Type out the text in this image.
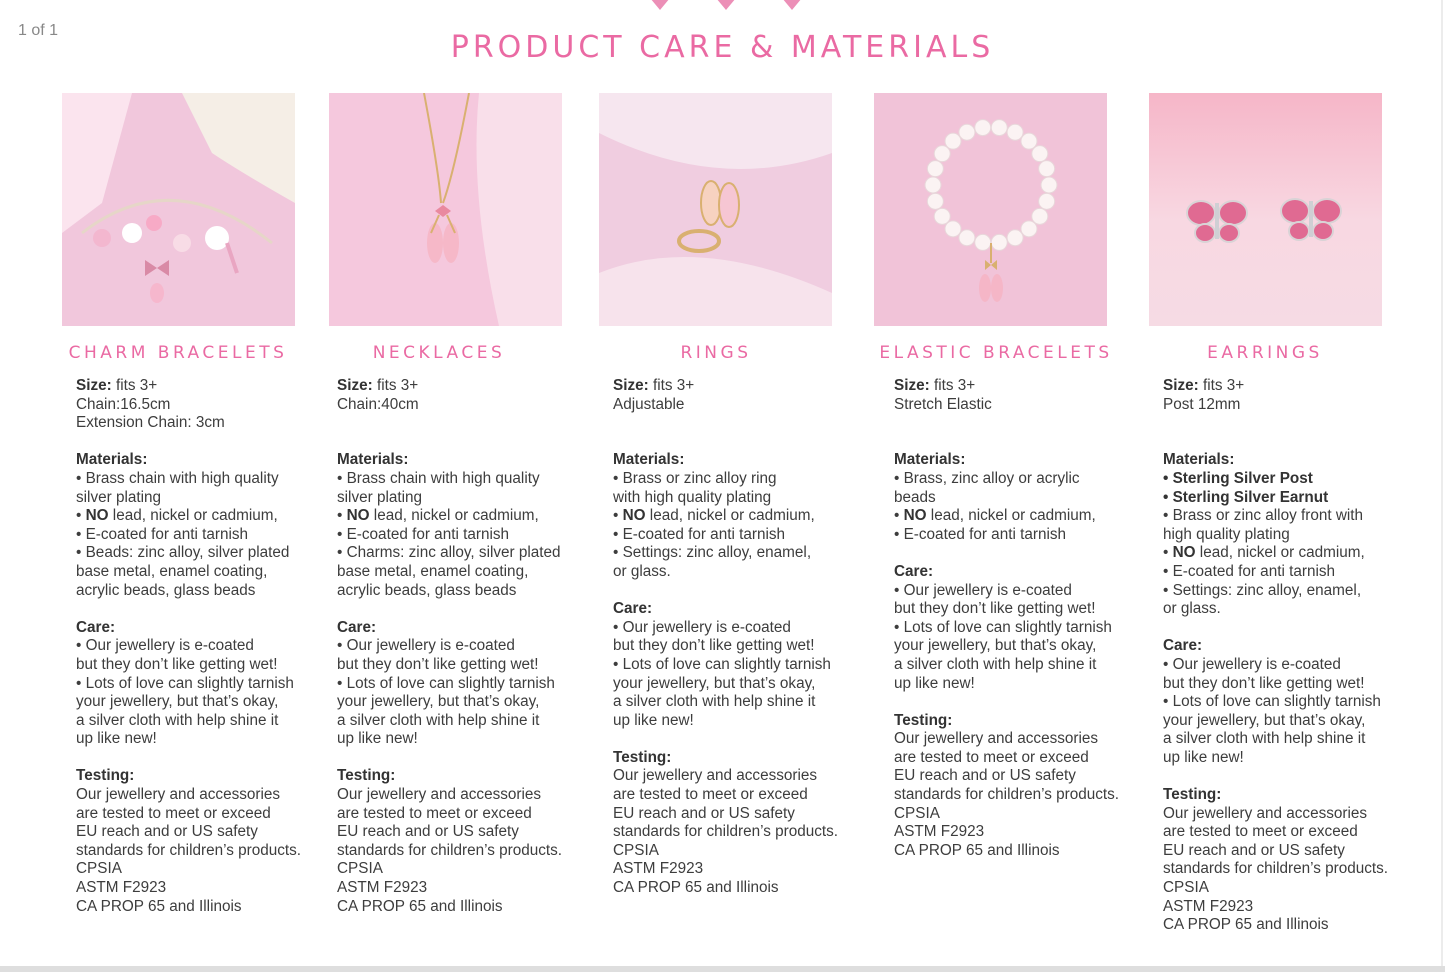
1 of 1	PRODUCT CARE & MATERIALS
CHARM BRACELETS	NECKLACES	RINGS	ELASTIC BRACELETS	EARRINGS
Size: fits 3+
Chain:16.5cm
Extension Chain: 3cm
Materials:
• Brass chain with high quality
silver plating
• NO lead, nickel or cadmium,
• E-coated for anti tarnish
• Beads: zinc alloy, silver plated
base metal, enamel coating,
acrylic beads, glass beads
Care:
• Our jewellery is e-coated
but they don’t like getting wet!
• Lots of love can slightly tarnish
your jewellery, but that’s okay,
a silver cloth with help shine it
up like new!
Testing:
Our jewellery and accessories
are tested to meet or exceed
EU reach and or US safety
standards for children’s products.
CPSIA
ASTM F2923
CA PROP 65 and Illinois
Size: fits 3+
Chain:40cm
Materials:
• Brass chain with high quality
silver plating
• NO lead, nickel or cadmium,
• E-coated for anti tarnish
• Charms: zinc alloy, silver plated
base metal, enamel coating,
acrylic beads, glass beads
Care:
• Our jewellery is e-coated
but they don’t like getting wet!
• Lots of love can slightly tarnish
your jewellery, but that’s okay,
a silver cloth with help shine it
up like new!
Testing:
Our jewellery and accessories
are tested to meet or exceed
EU reach and or US safety
standards for children’s products.
CPSIA
ASTM F2923
CA PROP 65 and Illinois
Size: fits 3+
Adjustable
Materials:
• Brass or zinc alloy ring
with high quality plating
• NO lead, nickel or cadmium,
• E-coated for anti tarnish
• Settings: zinc alloy, enamel,
or glass.
Care:
• Our jewellery is e-coated
but they don’t like getting wet!
• Lots of love can slightly tarnish
your jewellery, but that’s okay,
a silver cloth with help shine it
up like new!
Testing:
Our jewellery and accessories
are tested to meet or exceed
EU reach and or US safety
standards for children’s products.
CPSIA
ASTM F2923
CA PROP 65 and Illinois
Size: fits 3+
Stretch Elastic
Materials:
• Brass, zinc alloy or acrylic
beads
• NO lead, nickel or cadmium,
• E-coated for anti tarnish
Care:
• Our jewellery is e-coated
but they don’t like getting wet!
• Lots of love can slightly tarnish
your jewellery, but that’s okay,
a silver cloth with help shine it
up like new!
Testing:
Our jewellery and accessories
are tested to meet or exceed
EU reach and or US safety
standards for children’s products.
CPSIA
ASTM F2923
CA PROP 65 and Illinois
Size: fits 3+
Post 12mm
Materials:
• Sterling Silver Post
• Sterling Silver Earnut
• Brass or zinc alloy front with
high quality plating
• NO lead, nickel or cadmium,
• E-coated for anti tarnish
• Settings: zinc alloy, enamel,
or glass.
Care:
• Our jewellery is e-coated
but they don’t like getting wet!
• Lots of love can slightly tarnish
your jewellery, but that’s okay,
a silver cloth with help shine it
up like new!
Testing:
Our jewellery and accessories
are tested to meet or exceed
EU reach and or US safety
standards for children’s products.
CPSIA
ASTM F2923
CA PROP 65 and Illinois
